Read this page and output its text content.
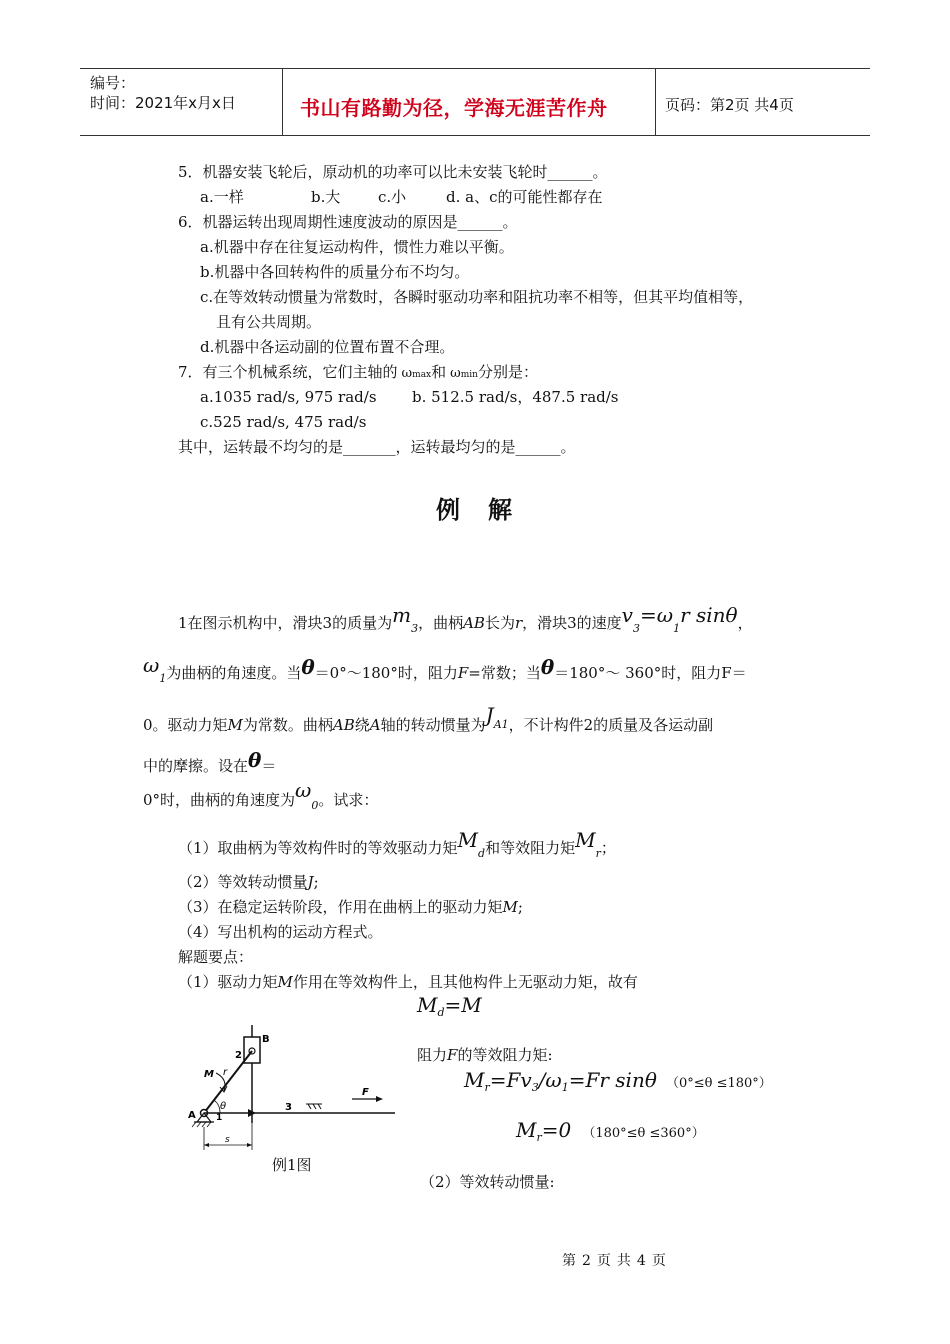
编号：
时间：2021年x月x日	书山有路勤为径，学海无涯苦作舟	页码：第2页 共4页
5．机器安装飞轮后，原动机的功率可以比未安装飞轮时______。
a.一样	b.大	c.小	d. a、c的可能性都存在
6．机器运转出现周期性速度波动的原因是______。
a.机器中存在往复运动构件，惯性力难以平衡。
b.机器中各回转构件的质量分布不均匀。
c.在等效转动惯量为常数时，各瞬时驱动功率和阻抗功率不相等，但其平均值相等，
且有公共周期。
d.机器中各运动副的位置布置不合理。
7．有三个机械系统，它们主轴的 ωmax和 ωmin分别是：
a.1035 rad/s, 975 rad/s b. 512.5 rad/s，487.5 rad/s
c.525 rad/s, 475 rad/s
其中，运转最不均匀的是_______，运转最均匀的是______。
例解
1在图示机构中，滑块3的质量为$m_3$，曲柄AB长为r，滑块3的速度$v_3=\omega_1r$ sinθ，
$\omega_1$为曲柄的角速度。当θ＝0°～180°时，阻力F=常数；当θ＝180°～ 360°时，阻力F＝
0。驱动力矩M为常数。曲柄AB绕A轴的转动惯量为JA1，不计构件2的质量及各运动副
中的摩擦。设在θ＝
0°时，曲柄的角速度为$\omega_0$。试求：
（1）取曲柄为等效构件时的等效驱动力矩$M_d$和等效阻力矩$M_r$；
（2）等效转动惯量J;
（3）在稳定运转阶段，作用在曲柄上的驱动力矩M;
（4）写出机构的运动方程式。
解题要点：
（1）驱动力矩M作用在等效构件上，且其他构件上无驱动力矩，故有
$M_d=M$
阻力F的等效阻力矩:
$M_r=Fv_3/\omega_1=Fr$ sinθ （0°≤θ ≤180°）
$M_r=0$ （180°≤θ ≤360°）
（2）等效转动惯量:
B
2
M r
θ
A 1
3
F
s
例1图
第2页共4页
